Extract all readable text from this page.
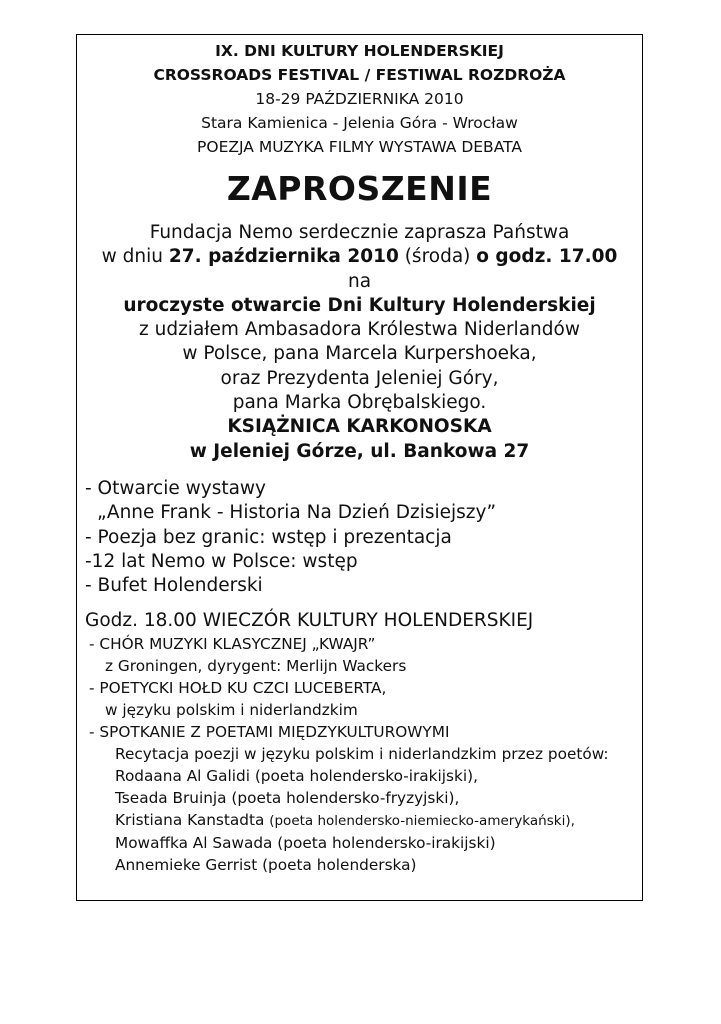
IX. DNI KULTURY HOLENDERSKIEJ
CROSSROADS FESTIVAL / FESTIWAL ROZDROŻA
18-29 PAŹDZIERNIKA 2010
Stara Kamienica - Jelenia Góra - Wrocław
POEZJA MUZYKA FILMY WYSTAWA DEBATA
ZAPROSZENIE
Fundacja Nemo serdecznie zaprasza Państwa
w dniu 27. października 2010 (środa) o godz. 17.00
na
uroczyste otwarcie Dni Kultury Holenderskiej
z udziałem Ambasadora Królestwa Niderlandów
w Polsce, pana Marcela Kurpershoeka,
oraz Prezydenta Jeleniej Góry,
pana Marka Obrębalskiego.
KSIĄŻNICA KARKONOSKA
w Jeleniej Górze, ul. Bankowa 27
- Otwarcie wystawy
„Anne Frank - Historia Na Dzień Dzisiejszy”
- Poezja bez granic: wstęp i prezentacja
-12 lat Nemo w Polsce: wstęp
- Bufet Holenderski
Godz. 18.00 WIECZÓR KULTURY HOLENDERSKIEJ
- CHÓR MUZYKI KLASYCZNEJ „KWAJR”
z Groningen, dyrygent: Merlijn Wackers
- POETYCKI HOŁD KU CZCI LUCEBERTA,
w języku polskim i niderlandzkim
- SPOTKANIE Z POETAMI MIĘDZYKULTUROWYMI
Recytacja poezji w języku polskim i niderlandzkim przez poetów:
Rodaana Al Galidi (poeta holendersko-irakijski),
Tseada Bruinja (poeta holendersko-fryzyjski),
Kristiana Kanstadta (poeta holendersko-niemiecko-amerykański),
Mowaffka Al Sawada (poeta holendersko-irakijski)
Annemieke Gerrist (poeta holenderska)
